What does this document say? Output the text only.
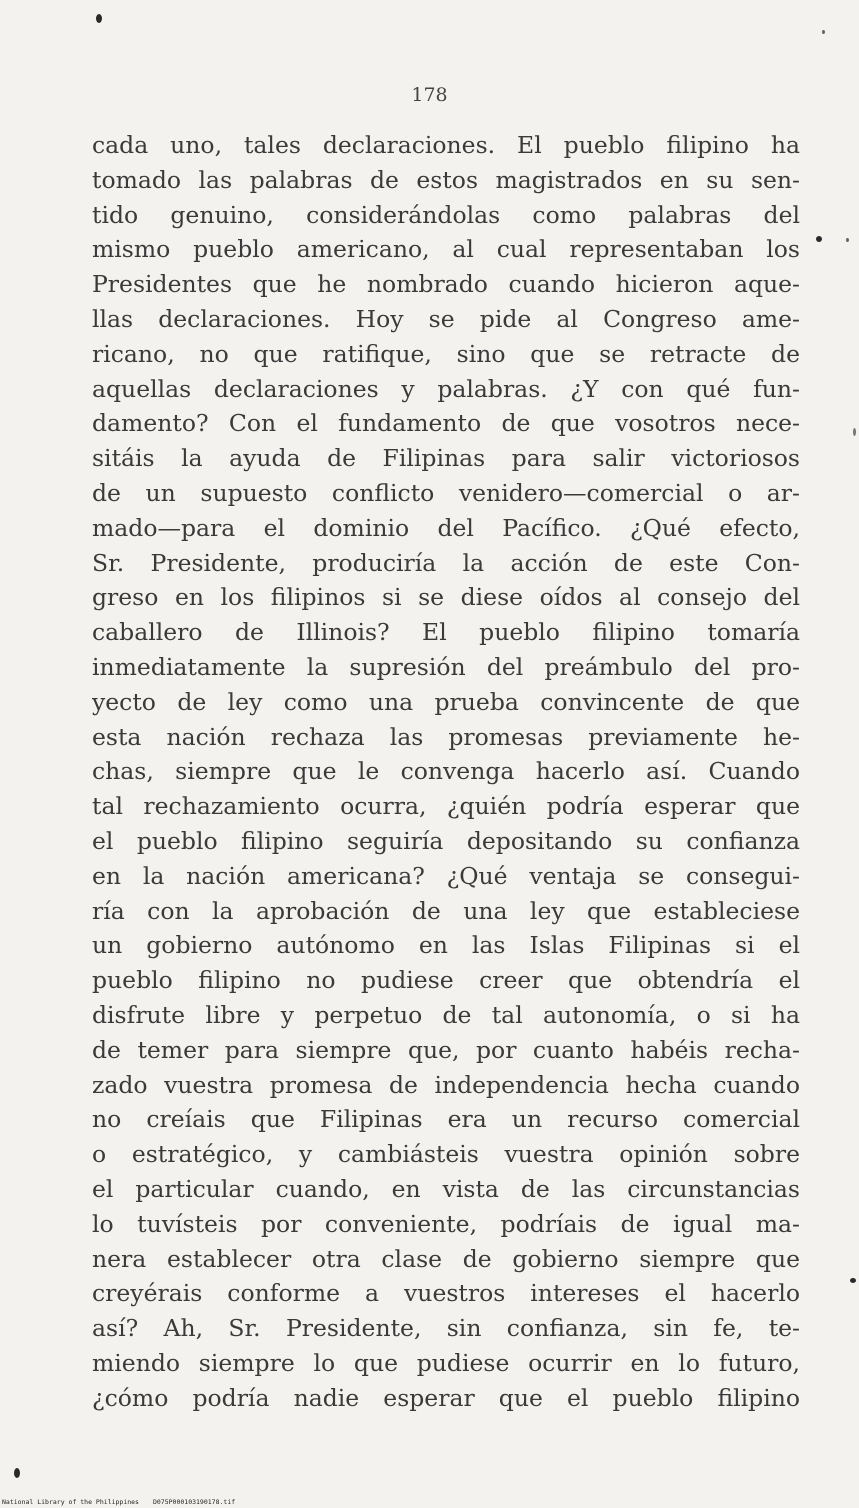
178
cada uno, tales declaraciones. El pueblo filipino ha
tomado las palabras de estos magistrados en su sen-
tido genuino, considerándolas como palabras del
mismo pueblo americano, al cual representaban los
Presidentes que he nombrado cuando hicieron aque-
llas declaraciones. Hoy se pide al Congreso ame-
ricano, no que ratifique, sino que se retracte de
aquellas declaraciones y palabras. ¿Y con qué fun-
damento? Con el fundamento de que vosotros nece-
sitáis la ayuda de Filipinas para salir victoriosos
de un supuesto conflicto venidero—comercial o ar-
mado—para el dominio del Pacífico. ¿Qué efecto,
Sr. Presidente, produciría la acción de este Con-
greso en los filipinos si se diese oídos al consejo del
caballero de Illinois? El pueblo filipino tomaría
inmediatamente la supresión del preámbulo del pro-
yecto de ley como una prueba convincente de que
esta nación rechaza las promesas previamente he-
chas, siempre que le convenga hacerlo así. Cuando
tal rechazamiento ocurra, ¿quién podría esperar que
el pueblo filipino seguiría depositando su confianza
en la nación americana? ¿Qué ventaja se consegui-
ría con la aprobación de una ley que estableciese
un gobierno autónomo en las Islas Filipinas si el
pueblo filipino no pudiese creer que obtendría el
disfrute libre y perpetuo de tal autonomía, o si ha
de temer para siempre que, por cuanto habéis recha-
zado vuestra promesa de independencia hecha cuando
no creíais que Filipinas era un recurso comercial
o estratégico, y cambiásteis vuestra opinión sobre
el particular cuando, en vista de las circunstancias
lo tuvísteis por conveniente, podríais de igual ma-
nera establecer otra clase de gobierno siempre que
creyérais conforme a vuestros intereses el hacerlo
así? Ah, Sr. Presidente, sin confianza, sin fe, te-
miendo siempre lo que pudiese ocurrir en lo futuro,
¿cómo podría nadie esperar que el pueblo filipino
National Library of the Philippines D075P000103190178.tif
